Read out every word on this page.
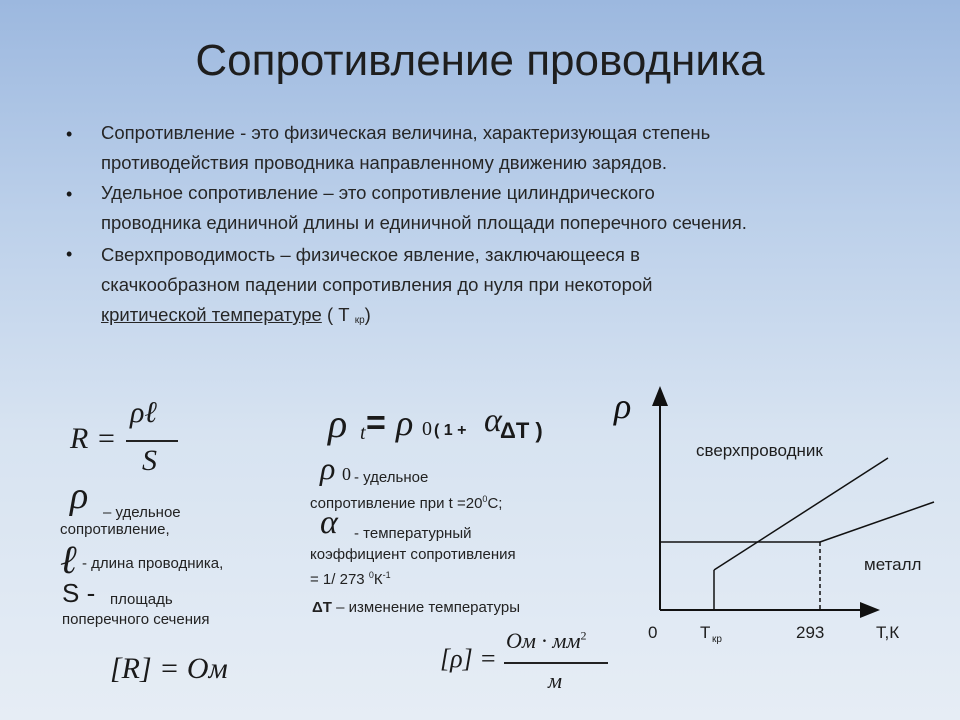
Сопротивление проводника
• Сопротивление - это физическая величина, характеризующая степень
противодействия проводника направленному движению зарядов.
• Удельное сопротивление – это сопротивление цилиндрического
проводника единичной длины и единичной площади поперечного сечения.
• Сверхпроводимость – физическое явление, заключающееся в
скачкообразном падении сопротивления до нуля при некоторой
критической температуре ( Т $_{кр}$)
R =
ρℓ
S
ρ – удельное
сопротивление,
ℓ - длина проводника,
S - площадь
поперечного сечения
[R] = Ом
ρ t = ρ 0 ( 1 + α
ΔT )
ρ 0 - удельное
сопротивление при $t =20^0С$;
α - температурный
коэффициент сопротивления
= 1/ 273 $^0К^{-1}$
ΔТ – изменение температуры
[ρ] =
Ом · $мм^2$
м
ρ
сверхпроводник
металл
0	Т кр	293	Т,К
